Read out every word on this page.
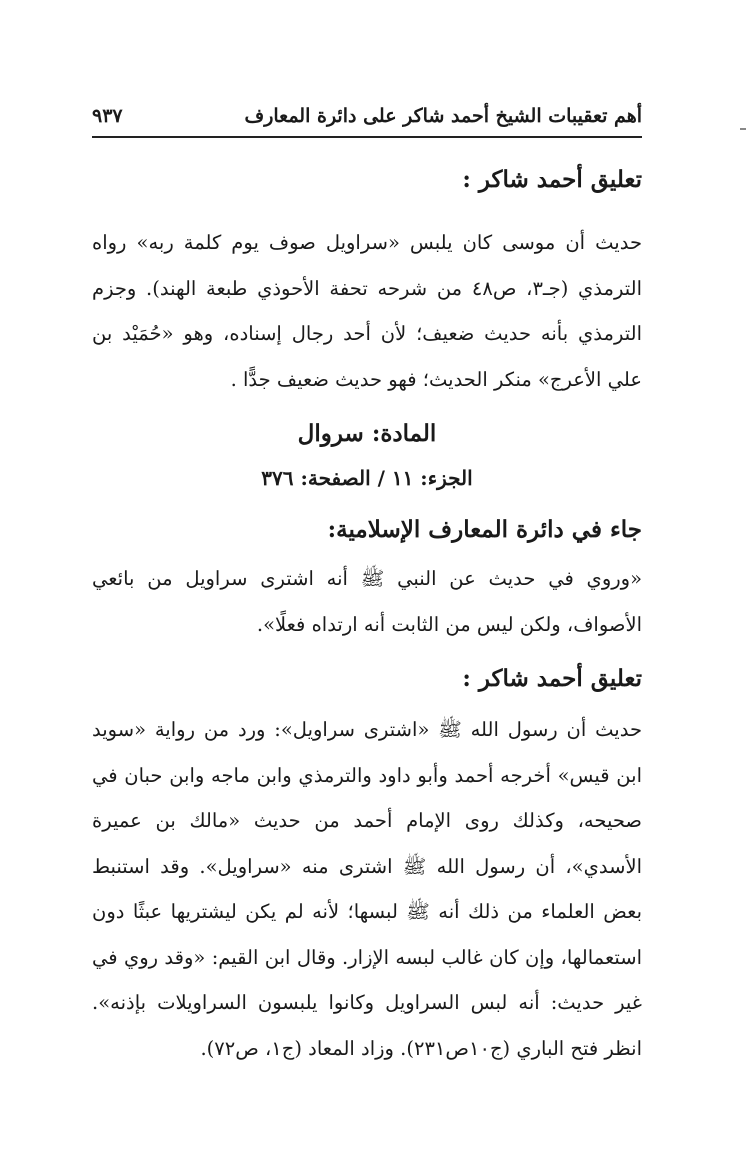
أهم تعقيبات الشيخ أحمد شاكر على دائرة المعارف
٩٣٧
تعليق أحمد شاكر :

حديث أن موسى كان يلبس «سراويل صوف يوم كلمة ربه» رواه الترمذي (جـ٣، ص٤٨ من شرحه تحفة الأحوذي طبعة الهند). وجزم الترمذي بأنه حديث ضعيف؛ لأن أحد رجال إسناده، وهو «حُمَيْد بن علي الأعرج» منكر الحديث؛ فهو حديث ضعيف جدًّا .

المادة: سروال
الجزء: ١١ / الصفحة: ٣٧٦
جاء في دائرة المعارف الإسلامية:

«وروي في حديث عن النبي ﷺ أنه اشترى سراويل من بائعي الأصواف، ولكن ليس من الثابت أنه ارتداه فعلًا».

تعليق أحمد شاكر :

حديث أن رسول الله ﷺ «اشترى سراويل»: ورد من رواية «سويد ابن قيس» أخرجه أحمد وأبو داود والترمذي وابن ماجه وابن حبان في صحيحه، وكذلك روى الإمام أحمد من حديث «مالك بن عميرة الأسدي»، أن رسول الله ﷺ اشترى منه «سراويل». وقد استنبط بعض العلماء من ذلك أنه ﷺ لبسها؛ لأنه لم يكن ليشتريها عبثًا دون استعمالها، وإن كان غالب لبسه الإزار. وقال ابن القيم: «وقد روي في غير حديث: أنه لبس السراويل وكانوا يلبسون السراويلات بإذنه». انظر فتح الباري (ج١٠ص٢٣١). وزاد المعاد (ج١، ص٧٢).
